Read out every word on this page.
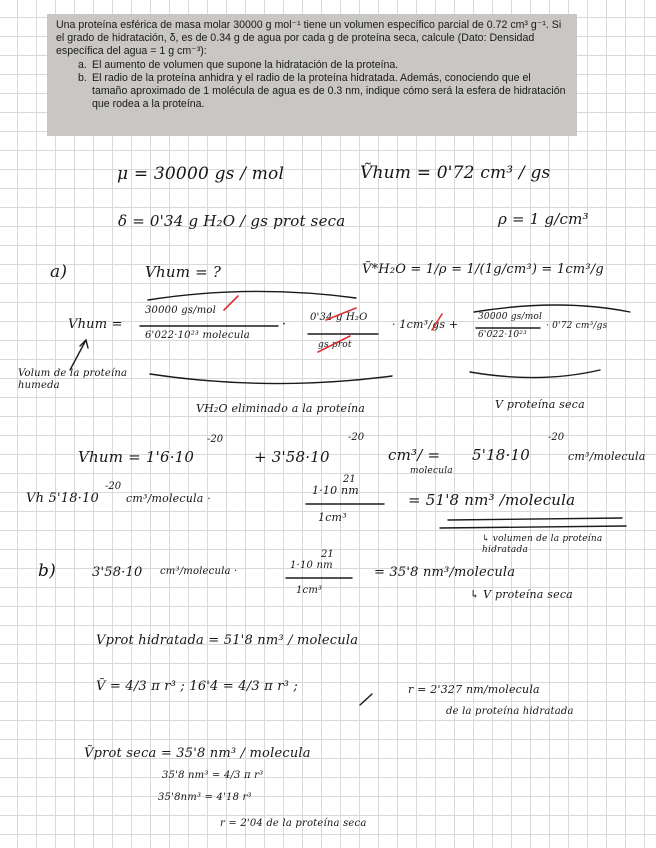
Una proteína esférica de masa molar 30000 g mol⁻¹ tiene un volumen específico parcial de 0.72 cm³ g⁻¹. Si el grado de hidratación, δ, es de 0.34 g de agua por cada g de proteína seca, calcule (Dato: Densidad específica del agua = 1 g cm⁻³):

a. El aumento de volumen que supone la hidratación de la proteína.
b. El radio de la proteína anhidra y el radio de la proteína hidratada. Además, conociendo que el tamaño aproximado de 1 molécula de agua es de 0.3 nm, indique cómo será la esfera de hidratación que rodea a la proteína.
μ = 30000 gs / mol	Ṽhum = 0'72 cm³ / gs
δ = 0'34 g H₂O / gs prot seca	ρ = 1 g/cm³
a)	Vhum = ?	Ṽ*H₂O = 1/ρ = 1/(1g/cm³) = 1cm³/g
Vhum =
30000 gs/mol
6'022·10²³ molecula
· 0'34 g H₂O
gs prot
· 1cm³/gs +
30000 gs/mol
6'022·10²³
· 0'72 cm³/gs
Volum de la proteína humeda
VH₂O eliminado a la proteína	V proteína seca
Vhum = 1'6·10
-20
+ 3'58·10
-20
cm³/ =
molecula
5'18·10
-20
cm³/molecula
Vh 5'18·10
-20
cm³/molecula ·
1·10 nm
21
1cm³
= 51'8 nm³ /molecula
↳ volumen de la proteína hidratada
b)	3'58·10 cm³/molecula ·
1·10 nm
21
1cm³
= 35'8 nm³/molecula
↳ V proteína seca
Vprot hidratada = 51'8 nm³ / molecula
Ṽ = 4/3 π r³ ; 16'4 = 4/3 π r³ ;	r = 2'327 nm/molecula
de la proteína hidratada
Ṽprot seca = 35'8 nm³ / molecula
35'8 nm³ = 4/3 π r³
35'8nm³ = 4'18 r³
r = 2'04 de la proteína seca
